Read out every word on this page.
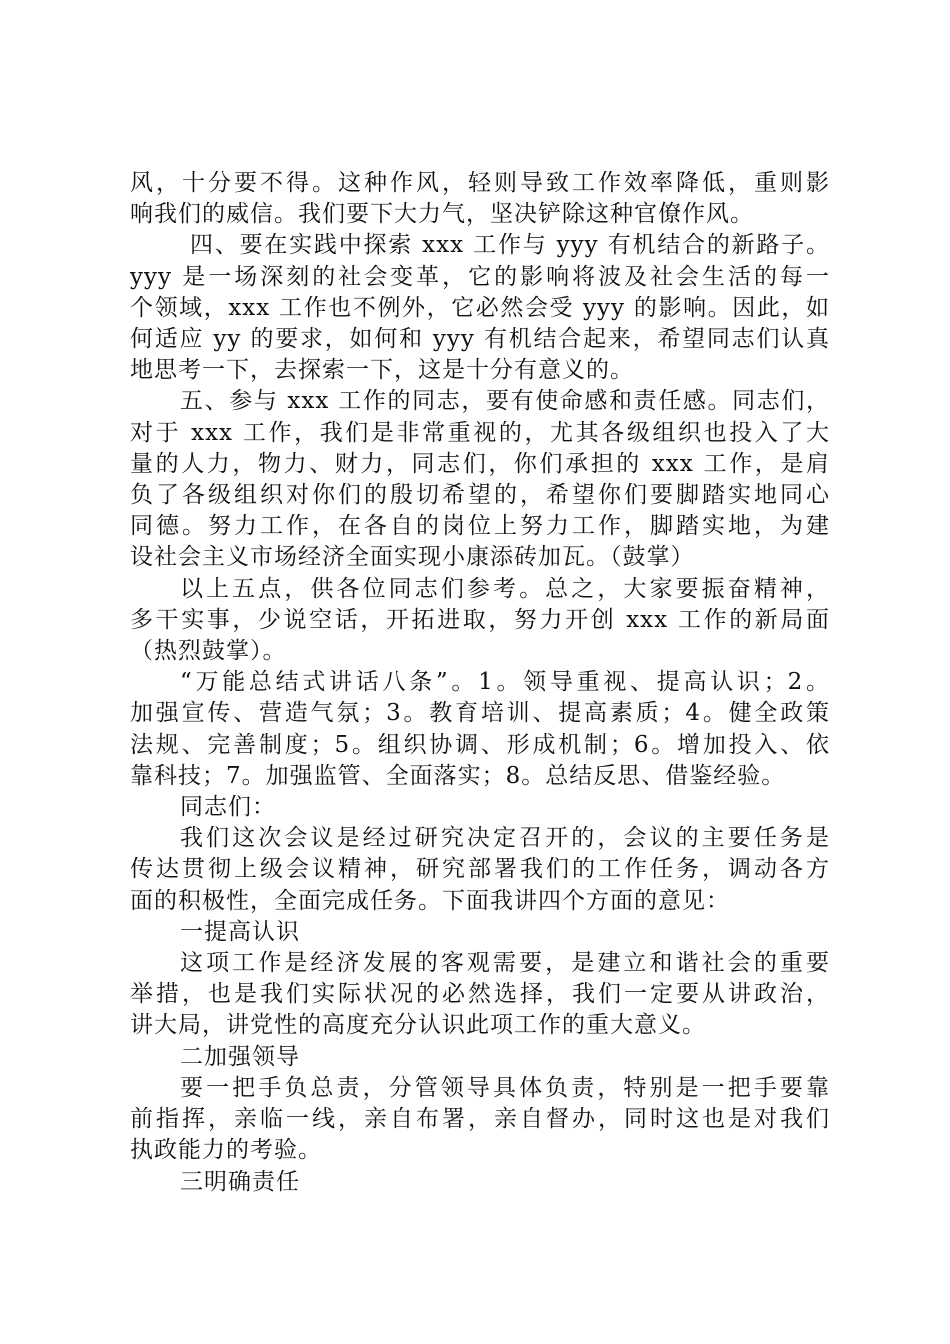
风，十分要不得。这种作风，轻则导致工作效率降低，重则影
响我们的威信。我们要下大力气，坚决铲除这种官僚作风。
四、要在实践中探索 xxx 工作与 yyy 有机结合的新路子。
yyy 是一场深刻的社会变革，它的影响将波及社会生活的每一
个领域，xxx 工作也不例外，它必然会受 yyy 的影响。因此，如
何适应 yy 的要求，如何和 yyy 有机结合起来，希望同志们认真
地思考一下，去探索一下，这是十分有意义的。
五、参与 xxx 工作的同志，要有使命感和责任感。同志们，
对于 xxx 工作，我们是非常重视的，尤其各级组织也投入了大
量的人力，物力、财力，同志们，你们承担的 xxx 工作，是肩
负了各级组织对你们的殷切希望的，希望你们要脚踏实地同心
同德。努力工作，在各自的岗位上努力工作，脚踏实地，为建
设社会主义市场经济全面实现小康添砖加瓦。（鼓掌）
以上五点，供各位同志们参考。总之，大家要振奋精神，
多干实事，少说空话，开拓进取，努力开创 xxx 工作的新局面
（热烈鼓掌）。
“万能总结式讲话八条”。1。领导重视、提高认识；2。
加强宣传、营造气氛；3。教育培训、提高素质；4。健全政策
法规、完善制度；5。组织协调、形成机制；6。增加投入、依
靠科技；7。加强监管、全面落实；8。总结反思、借鉴经验。
同志们：
我们这次会议是经过研究决定召开的，会议的主要任务是
传达贯彻上级会议精神，研究部署我们的工作任务，调动各方
面的积极性，全面完成任务。下面我讲四个方面的意见：
一提高认识
这项工作是经济发展的客观需要，是建立和谐社会的重要
举措，也是我们实际状况的必然选择，我们一定要从讲政治，
讲大局，讲党性的高度充分认识此项工作的重大意义。
二加强领导
要一把手负总责，分管领导具体负责，特别是一把手要靠
前指挥，亲临一线，亲自布署，亲自督办，同时这也是对我们
执政能力的考验。
三明确责任
